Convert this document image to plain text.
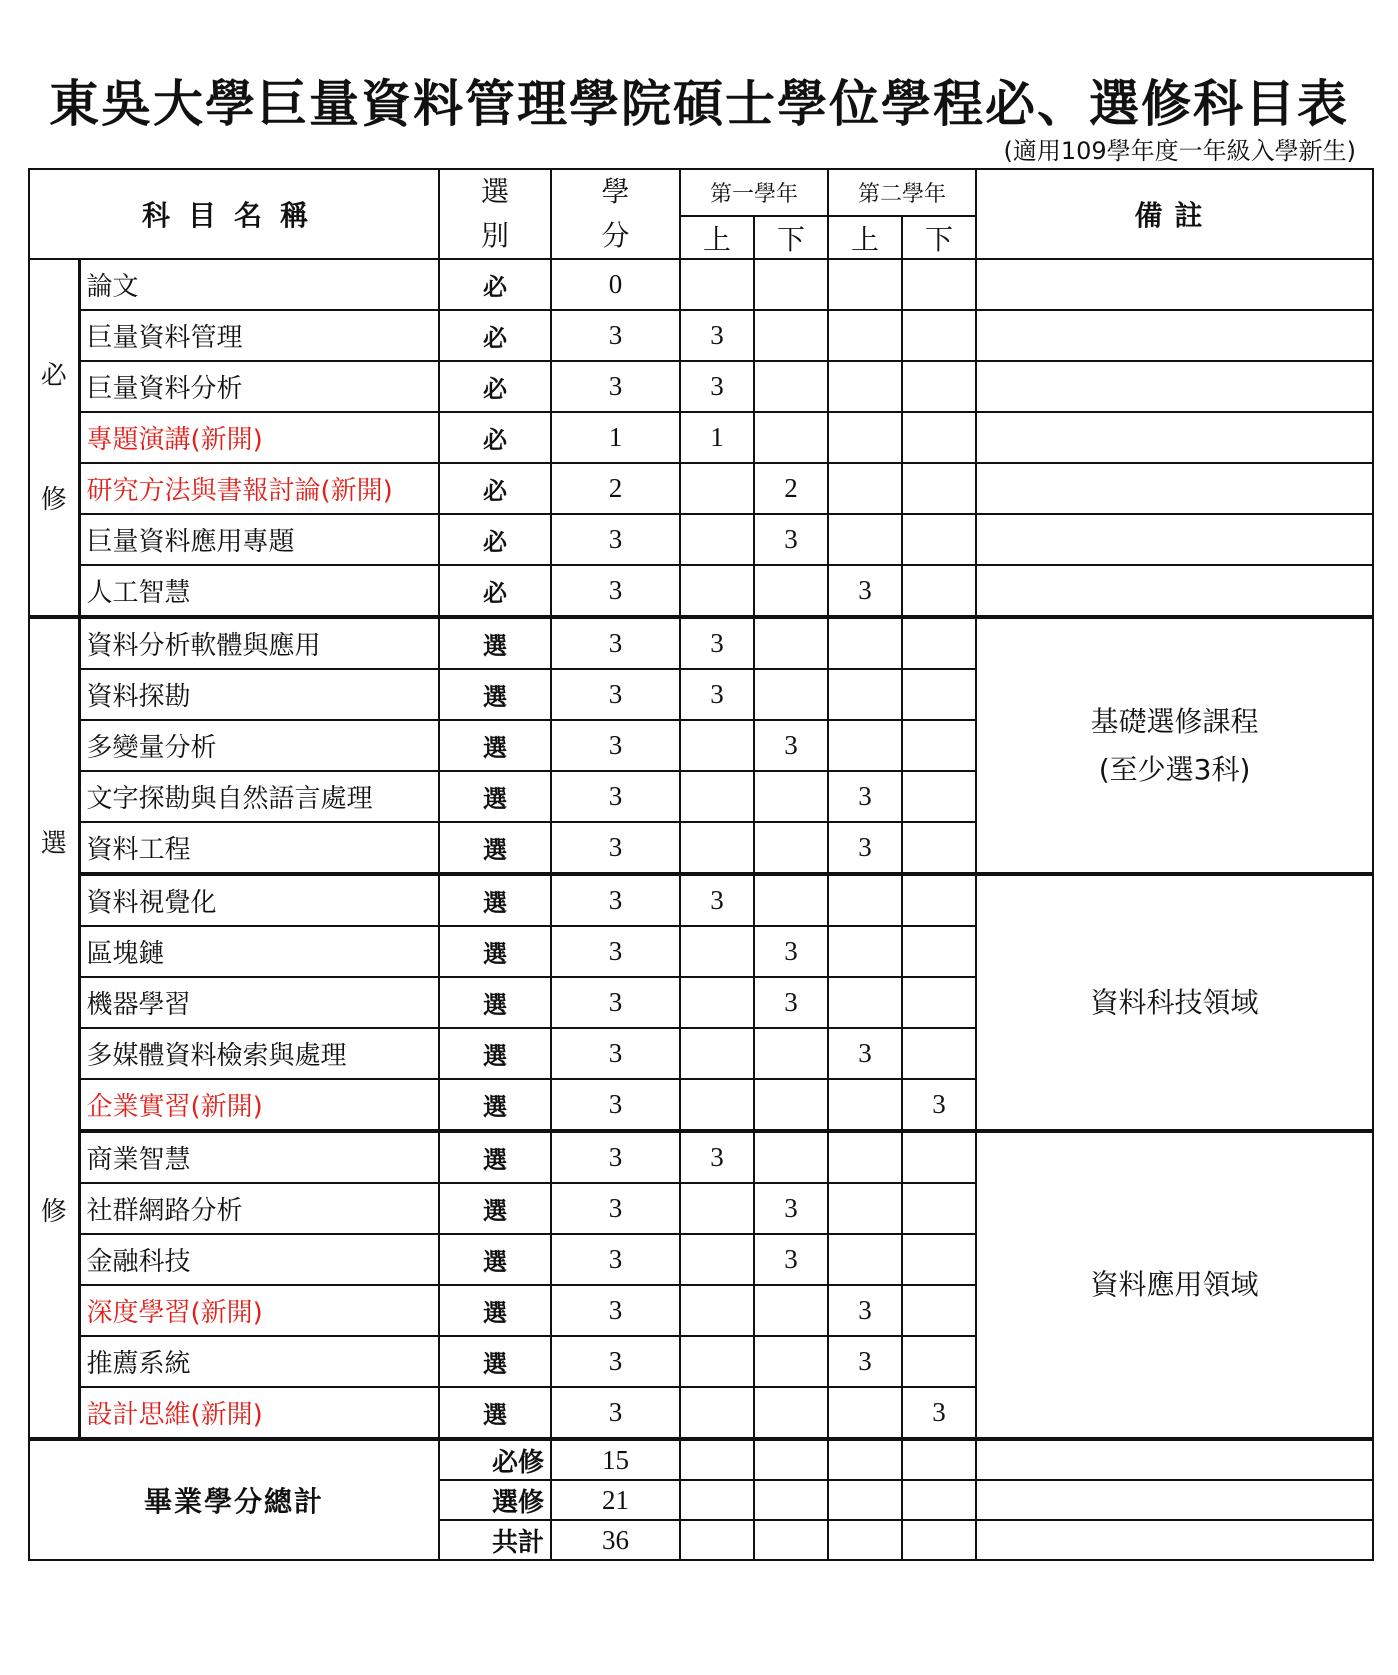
東吳大學巨量資料管理學院碩士學位學程必、選修科目表
(適用109學年度一年級入學新生)
科目名稱		選
別	學
分	第一學年		第二學年		備註
				上	下	上	下	
必

修	論文	必	0					
	巨量資料管理	必	3	3				
	巨量資料分析	必	3	3				
	專題演講(新開)	必	1	1				
	研究方法與書報討論(新開)	必	2		2			
	巨量資料應用專題	必	3		3			
	人工智慧	必	3			3		
選

修	資料分析軟體與應用	選	3	3				基礎選修課程
(至少選3科)
	資料探勘	選	3	3				
	多變量分析	選	3		3			
	文字探勘與自然語言處理	選	3			3		
	資料工程	選	3			3		
	資料視覺化	選	3	3				資料科技領域
	區塊鏈	選	3		3			
	機器學習	選	3		3			
	多媒體資料檢索與處理	選	3			3		
	企業實習(新開)	選	3				3	
	商業智慧	選	3	3				資料應用領域
	社群網路分析	選	3		3			
	金融科技	選	3		3			
	深度學習(新開)	選	3			3		
	推薦系統	選	3			3		
	設計思維(新開)	選	3				3	
畢業學分總計		必修	15					
		選修	21					
		共計	36					
